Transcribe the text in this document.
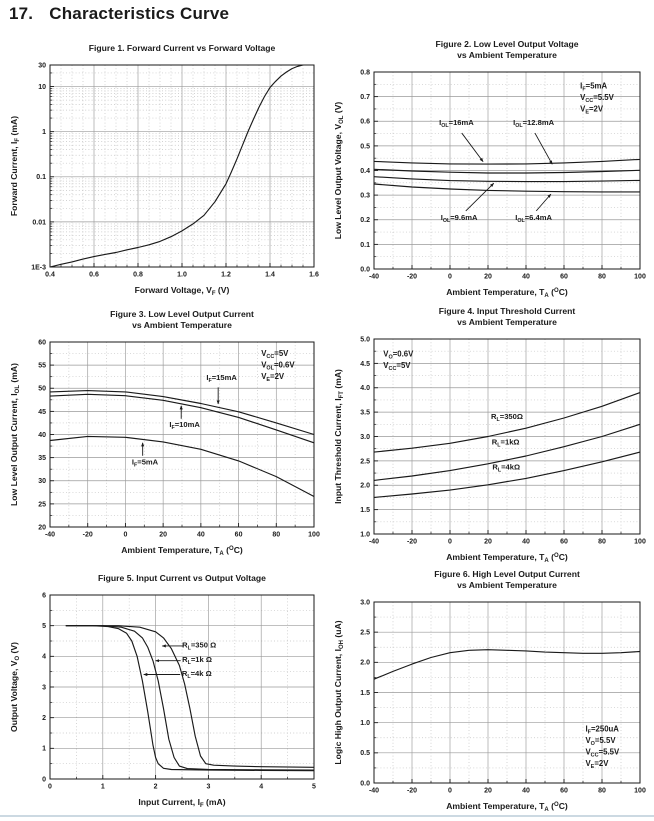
17. Characteristics Curve
0.4	0.6	0.8	1.0	1.2	1.4	1.6
30
10
1
0.1
0.01
1E-3
Figure 1. Forward Current vs Forward Voltage
Forward Voltage, $V_F$ (V)
Forward Current, $I_F$ (mA)
-40	-20	0	20	40	60	80	100
0.0
0.1
0.2
0.3
0.4
0.5
0.6
0.7
0.8
Figure 2. Low Level Output Voltage
vs Ambient Temperature
Ambient Temperature, $T_A$ ($^O$C)
Low Level Output Voltage, $V_{OL}$ (V)
$I_{OL}=16mA$	$I_{OL}=12.8mA$
$I_{OL}=9.6mA$	$I_{OL}=6.4mA$
$I_F=5mA$
$V_{CC}=5.5V$
$V_E=2V$
-40	-20	0	20	40	60	80	100
20
25
30
35
40
45
50
55
60
Figure 3. Low Level Output Current
vs Ambient Temperature
Ambient Temperature, $T_A$ ($^O$C)
Low Level Output Current, $I_{OL}$ (mA)	$I_F=15mA$
$I_F=10mA$
$I_F=5mA$
$V_{CC}=5V$
$V_{OL}=0.6V$
$V_E=2V$
-40	-20	0	20	40	60	80	100
1.0
1.5
2.0
2.5
3.0
3.5
4.0
4.5
5.0
Figure 4. Input Threshold Current
vs Ambient Temperature
Ambient Temperature, $T_A$ ($^O$C)
Input Threshold Current, $I_{FT}$ (mA)
$R_L=350\Omega$
$R_L=1k\Omega$
$R_L=4k\Omega$
$V_O=0.6V$
$V_{CC}=5V$
0	1	2	3	4	5
0
1
2
3
4
5
6
Figure 5. Input Current vs Output Voltage
Input Current, $I_F$ (mA)
Output Voltage, $V_O$ (V)	$R_L=350$ Ω
$R_L=1k$ Ω
$R_L=4k$ Ω
-40	-20	0	20	40	60	80	100
0.0
0.5
1.0
1.5
2.0
2.5
3.0
Figure 6. High Level Output Current
vs Ambient Temperature
Ambient Temperature, $T_A$ ($^O$C)
Logic High Output Current, $I_{OH}$ (uA)
$I_F=250uA$
$V_O=5.5V$
$V_{CC}=5.5V$
$V_E=2V$
